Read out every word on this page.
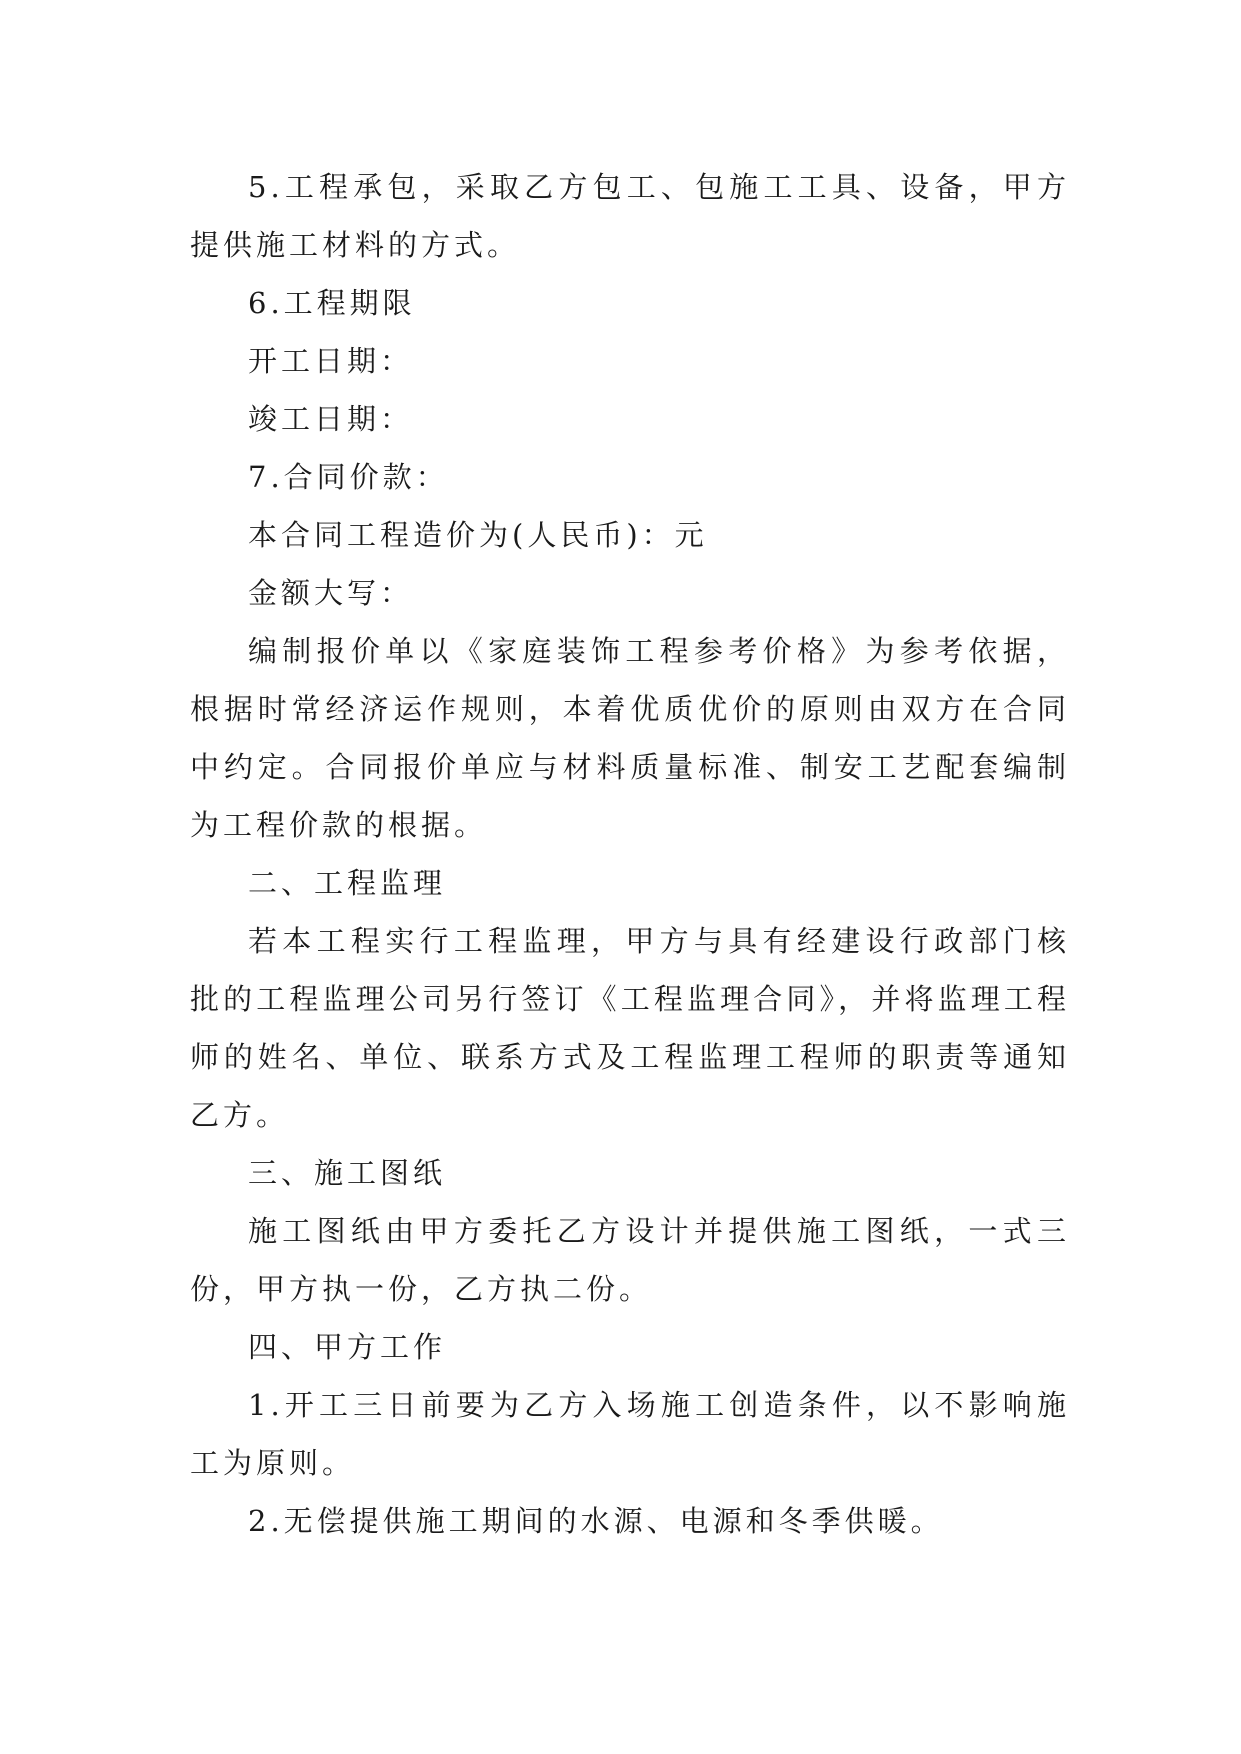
5.工程承包，采取乙方包工、包施工工具、设备，甲方提供施工材料的方式。

6.工程期限

开工日期：

竣工日期：

7.合同价款：

本合同工程造价为(人民币)：元

金额大写：

编制报价单以《家庭装饰工程参考价格》为参考依据，根据时常经济运作规则，本着优质优价的原则由双方在合同中约定。合同报价单应与材料质量标准、制安工艺配套编制为工程价款的根据。

二、工程监理

若本工程实行工程监理，甲方与具有经建设行政部门核批的工程监理公司另行签订《工程监理合同》，并将监理工程师的姓名、单位、联系方式及工程监理工程师的职责等通知乙方。

三、施工图纸

施工图纸由甲方委托乙方设计并提供施工图纸，一式三份，甲方执一份，乙方执二份。

四、甲方工作

1.开工三日前要为乙方入场施工创造条件，以不影响施工为原则。

2.无偿提供施工期间的水源、电源和冬季供暖。
